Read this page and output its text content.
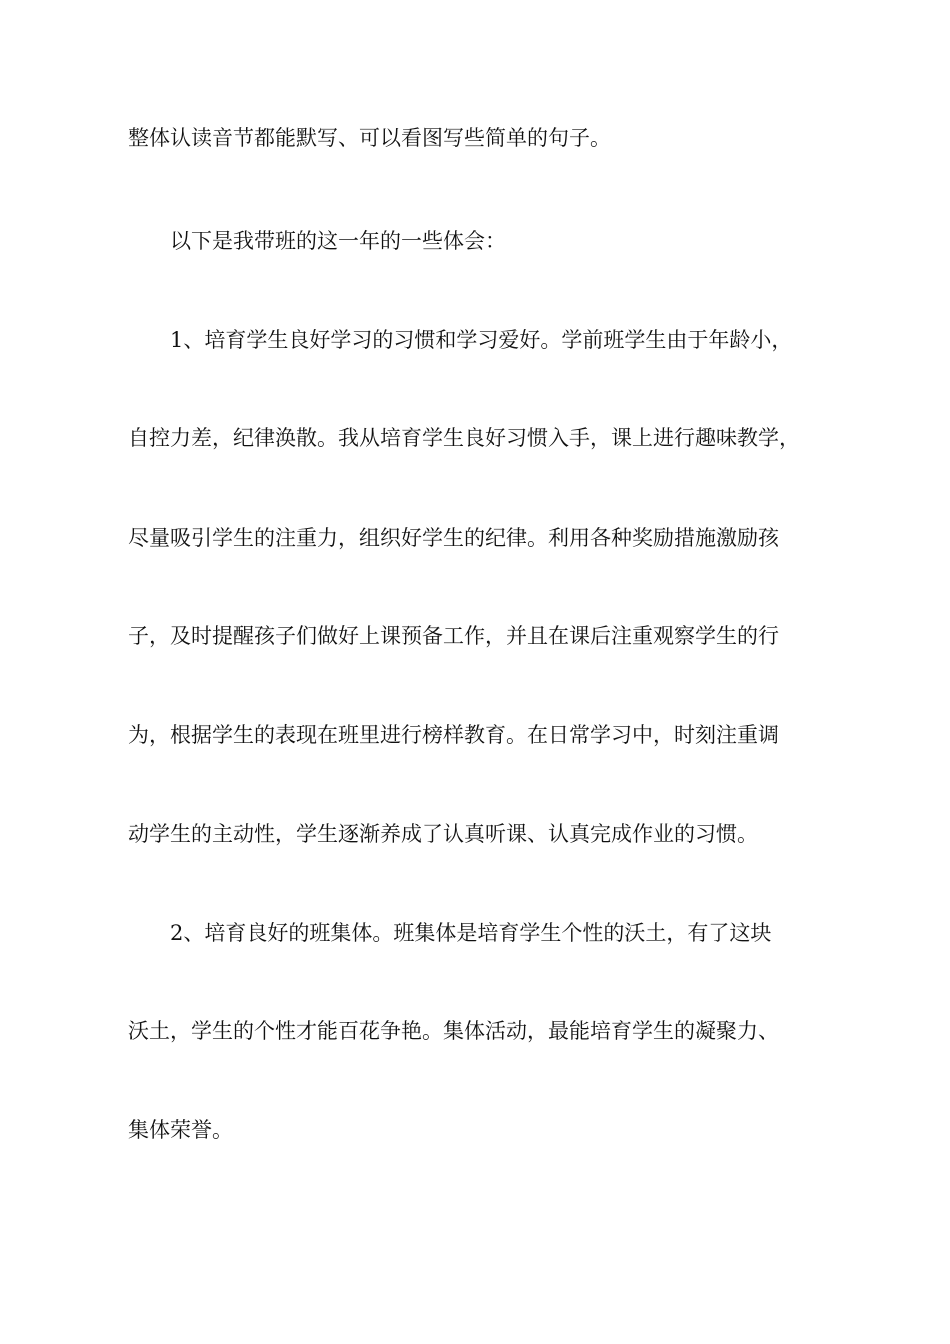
整体认读音节都能默写、可以看图写些简单的句子。
以下是我带班的这一年的一些体会：
1、培育学生良好学习的习惯和学习爱好。学前班学生由于年龄小，
自控力差，纪律涣散。我从培育学生良好习惯入手，课上进行趣味教学，
尽量吸引学生的注重力，组织好学生的纪律。利用各种奖励措施激励孩
子，及时提醒孩子们做好上课预备工作，并且在课后注重观察学生的行
为，根据学生的表现在班里进行榜样教育。在日常学习中，时刻注重调
动学生的主动性，学生逐渐养成了认真听课、认真完成作业的习惯。
2、培育良好的班集体。班集体是培育学生个性的沃土，有了这块
沃土，学生的个性才能百花争艳。集体活动，最能培育学生的凝聚力、
集体荣誉。
